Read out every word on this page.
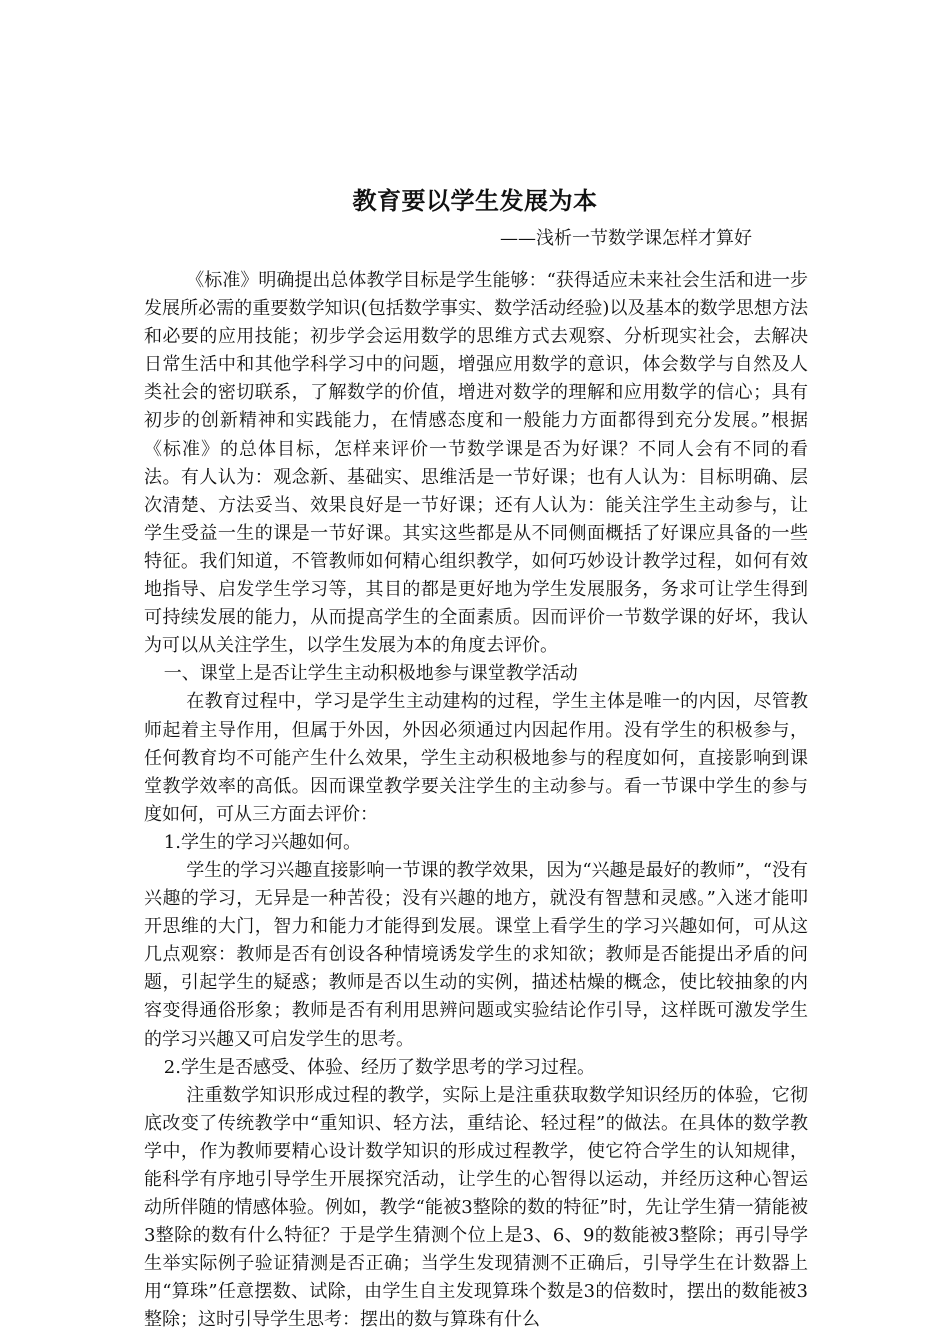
教育要以学生发展为本
——浅析一节数学课怎样才算好

《标准》明确提出总体教学目标是学生能够：“获得适应未来社会生活和进一步发展所必需的重要数学知识(包括数学事实、数学活动经验)以及基本的数学思想方法和必要的应用技能；初步学会运用数学的思维方式去观察、分析现实社会，去解决日常生活中和其他学科学习中的问题，增强应用数学的意识，体会数学与自然及人类社会的密切联系，了解数学的价值，增进对数学的理解和应用数学的信心；具有初步的创新精神和实践能力，在情感态度和一般能力方面都得到充分发展。”根据《标准》的总体目标，怎样来评价一节数学课是否为好课？不同人会有不同的看法。有人认为：观念新、基础实、思维活是一节好课；也有人认为：目标明确、层次清楚、方法妥当、效果良好是一节好课；还有人认为：能关注学生主动参与，让学生受益一生的课是一节好课。其实这些都是从不同侧面概括了好课应具备的一些特征。我们知道，不管教师如何精心组织教学，如何巧妙设计教学过程，如何有效地指导、启发学生学习等，其目的都是更好地为学生发展服务，务求可让学生得到可持续发展的能力，从而提高学生的全面素质。因而评价一节数学课的好坏，我认为可以从关注学生，以学生发展为本的角度去评价。

一、课堂上是否让学生主动积极地参与课堂教学活动

在教育过程中，学习是学生主动建构的过程，学生主体是唯一的内因，尽管教师起着主导作用，但属于外因，外因必须通过内因起作用。没有学生的积极参与，任何教育均不可能产生什么效果，学生主动积极地参与的程度如何，直接影响到课堂教学效率的高低。因而课堂教学要关注学生的主动参与。看一节课中学生的参与度如何，可从三方面去评价：

1.学生的学习兴趣如何。

学生的学习兴趣直接影响一节课的教学效果，因为“兴趣是最好的教师”，“没有兴趣的学习，无异是一种苦役；没有兴趣的地方，就没有智慧和灵感。”入迷才能叩开思维的大门，智力和能力才能得到发展。课堂上看学生的学习兴趣如何，可从这几点观察：教师是否有创设各种情境诱发学生的求知欲；教师是否能提出矛盾的问题，引起学生的疑惑；教师是否以生动的实例，描述枯燥的概念，使比较抽象的内容变得通俗形象；教师是否有利用思辨问题或实验结论作引导，这样既可激发学生的学习兴趣又可启发学生的思考。

2.学生是否感受、体验、经历了数学思考的学习过程。

注重数学知识形成过程的教学，实际上是注重获取数学知识经历的体验，它彻底改变了传统教学中“重知识、轻方法，重结论、轻过程”的做法。在具体的数学教学中，作为教师要精心设计数学知识的形成过程教学，使它符合学生的认知规律，能科学有序地引导学生开展探究活动，让学生的心智得以运动，并经历这种心智运动所伴随的情感体验。例如，教学“能被3整除的数的特征”时，先让学生猜一猜能被3整除的数有什么特征？于是学生猜测个位上是3、6、9的数能被3整除；再引导学生举实际例子验证猜测是否正确；当学生发现猜测不正确后，引导学生在计数器上用“算珠”任意摆数、试除，由学生自主发现算珠个数是3的倍数时，摆出的数能被3整除；这时引导学生思考：摆出的数与算珠有什么
